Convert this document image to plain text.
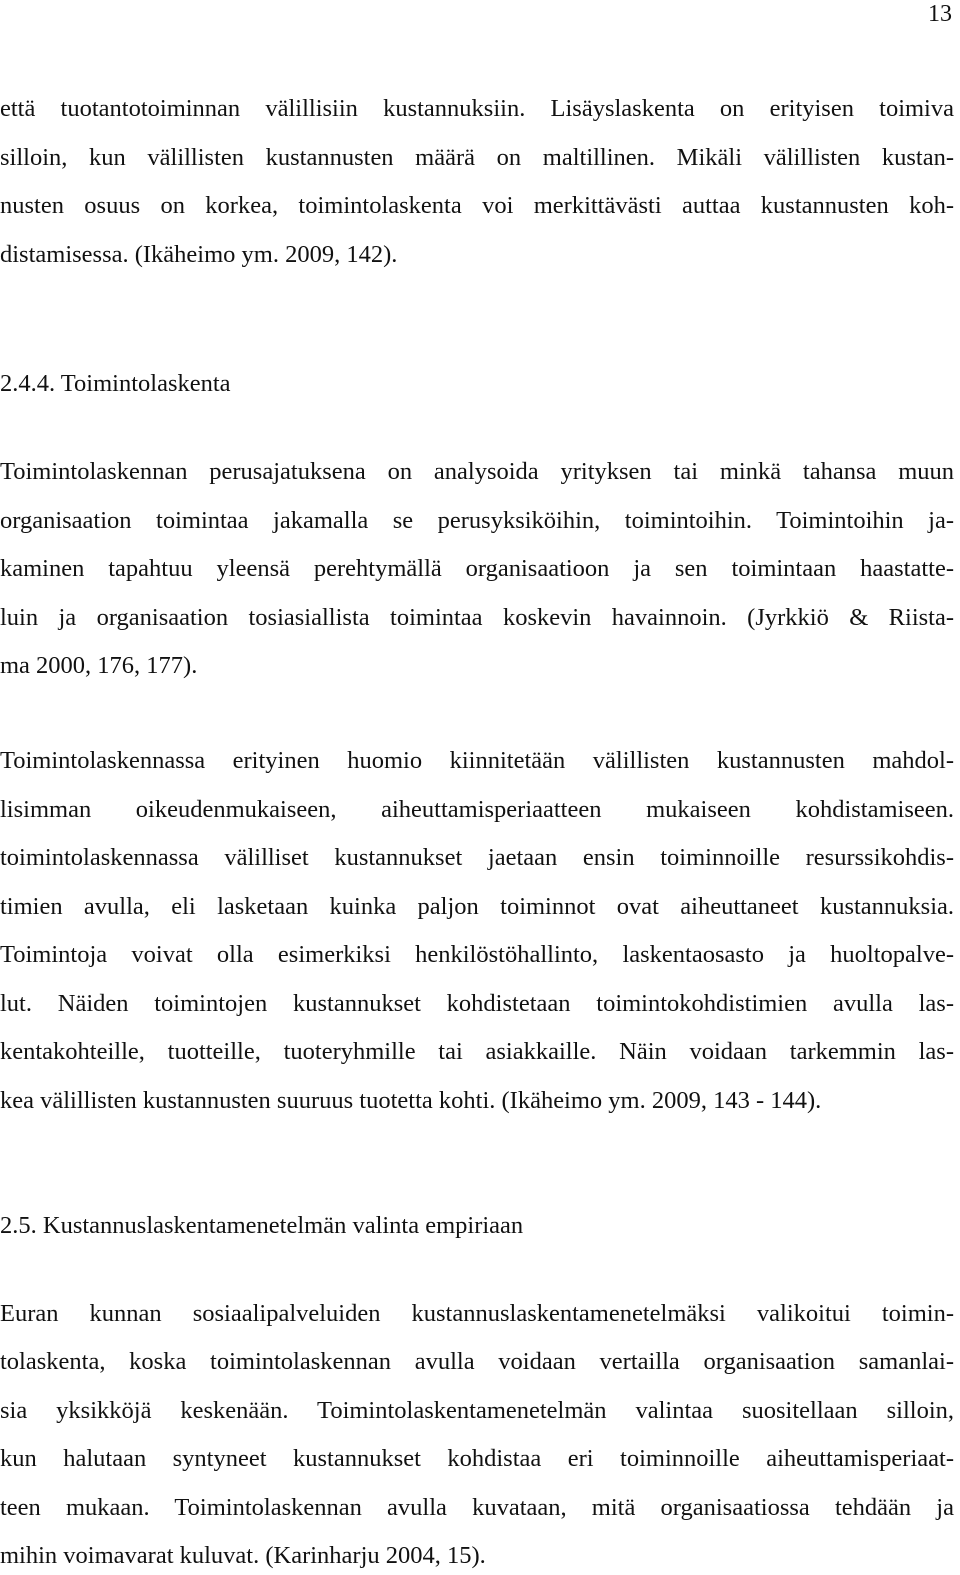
13
että tuotantotoiminnan välillisiin kustannuksiin. Lisäyslaskenta on erityisen toimiva
silloin, kun välillisten kustannusten määrä on maltillinen. Mikäli välillisten kustan-
nusten osuus on korkea, toimintolaskenta voi merkittävästi auttaa kustannusten koh-
distamisessa. (Ikäheimo ym. 2009, 142).
2.4.4. Toimintolaskenta
Toimintolaskennan perusajatuksena on analysoida yrityksen tai minkä tahansa muun
organisaation toimintaa jakamalla se perusyksiköihin, toimintoihin. Toimintoihin ja-
kaminen tapahtuu yleensä perehtymällä organisaatioon ja sen toimintaan haastatte-
luin ja organisaation tosiasiallista toimintaa koskevin havainnoin. (Jyrkkiö & Riista-
ma 2000, 176, 177).
Toimintolaskennassa erityinen huomio kiinnitetään välillisten kustannusten mahdol-
lisimman oikeudenmukaiseen, aiheuttamisperiaatteen mukaiseen kohdistamiseen.
toimintolaskennassa välilliset kustannukset jaetaan ensin toiminnoille resurssikohdis-
timien avulla, eli lasketaan kuinka paljon toiminnot ovat aiheuttaneet kustannuksia.
Toimintoja voivat olla esimerkiksi henkilöstöhallinto, laskentaosasto ja huoltopalve-
lut. Näiden toimintojen kustannukset kohdistetaan toimintokohdistimien avulla las-
kentakohteille, tuotteille, tuoteryhmille tai asiakkaille. Näin voidaan tarkemmin las-
kea välillisten kustannusten suuruus tuotetta kohti. (Ikäheimo ym. 2009, 143 - 144).
2.5. Kustannuslaskentamenetelmän valinta empiriaan
Euran kunnan sosiaalipalveluiden kustannuslaskentamenetelmäksi valikoitui toimin-
tolaskenta, koska toimintolaskennan avulla voidaan vertailla organisaation samanlai-
sia yksikköjä keskenään. Toimintolaskentamenetelmän valintaa suositellaan silloin,
kun halutaan syntyneet kustannukset kohdistaa eri toiminnoille aiheuttamisperiaat-
teen mukaan. Toimintolaskennan avulla kuvataan, mitä organisaatiossa tehdään ja
mihin voimavarat kuluvat. (Karinharju 2004, 15).
